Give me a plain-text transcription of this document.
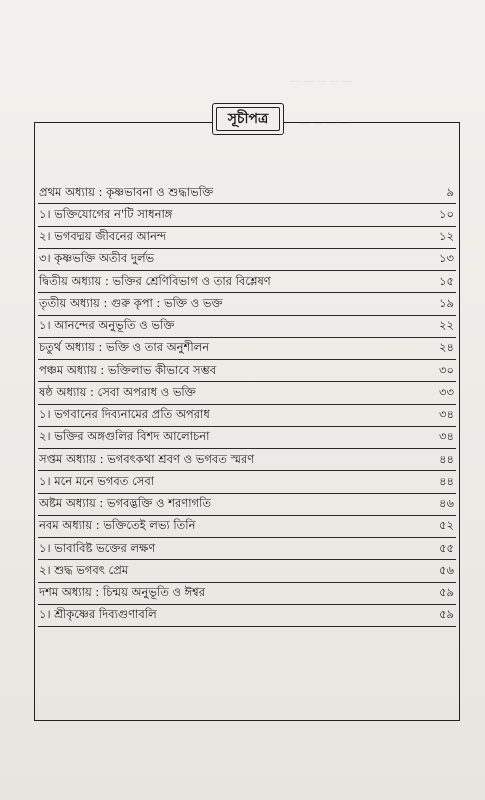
— — — — —
— — — —
সূচীপত্র
প্রথম অধ্যায় : কৃষ্ণভাবনা ও শুদ্ধাভক্তি	৯
১। ভক্তিযোগের ন'টি সাধনাঙ্গ	১০
২। ভগবদ্ময় জীবনের আনন্দ	১২
৩। কৃষ্ণভক্তি অতীব দুর্লভ	১৩
দ্বিতীয় অধ্যায় : ভক্তির শ্রেণিবিভাগ ও তার বিশ্লেষণ	১৫
তৃতীয় অধ্যায় : গুরু কৃপা : ভক্তি ও ভক্ত	১৯
১। আনন্দের অনুভূতি ও ভক্তি	২২
চতুর্থ অধ্যায় : ভক্তি ও তার অনুশীলন	২৪
পঞ্চম অধ্যায় : ভক্তিলাভ কীভাবে সম্ভব	৩০
ষষ্ঠ অধ্যায় : সেবা অপরাধ ও ভক্তি	৩৩
১। ভগবানের দিব্যনামের প্রতি অপরাধ	৩৪
২। ভক্তির অঙ্গগুলির বিশদ আলোচনা	৩৪
সপ্তম অধ্যায় : ভগবৎকথা শ্রবণ ও ভগবত স্মরণ	৪৪
১। মনে মনে ভগবত সেবা	৪৪
অষ্টম অধ্যায় : ভগবদ্ভক্তি ও শরণাগতি	৪৬
নবম অধ্যায় : ভক্তিতেই লভ্য তিনি	৫২
১। ভাবাবিষ্ট ভক্তের লক্ষণ	৫৫
২। শুদ্ধ ভগবৎ প্রেম	৫৬
দশম অধ্যায় : চিন্ময় অনুভূতি ও ঈশ্বর	৫৯
১। শ্রীকৃষ্ণের দিব্যগুণাবলি	৫৯
